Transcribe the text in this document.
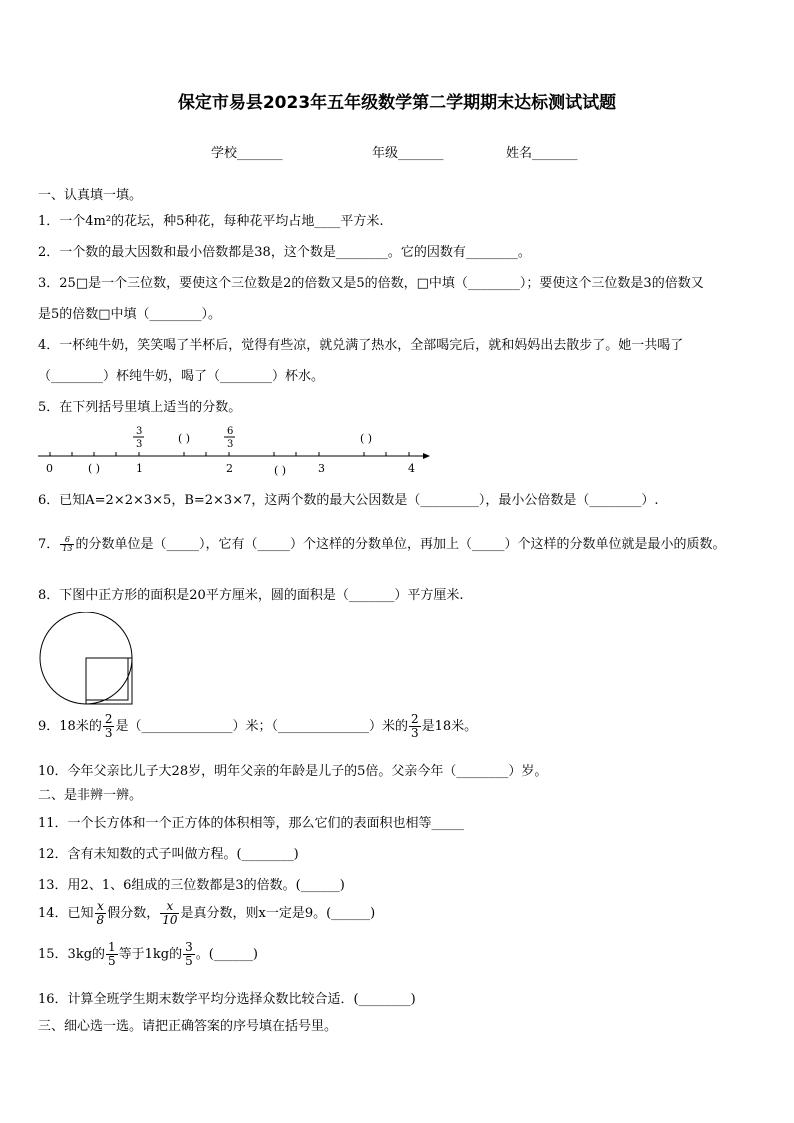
保定市易县2023年五年级数学第二学期期末达标测试试题
学校_______	年级_______	姓名_______
一、认真填一填。
1．一个4m²的花坛，种5种花，每种花平均占地____平方米.
2．一个数的最大因数和最小倍数都是38，这个数是________。它的因数有________。
3．25□是一个三位数，要使这个三位数是2的倍数又是5的倍数，□中填（________）；要使这个三位数是3的倍数又
是5的倍数□中填（________）。
4．一杯纯牛奶，笑笑喝了半杯后，觉得有些凉，就兑满了热水，全部喝完后，就和妈妈出去散步了。她一共喝了
（________）杯纯牛奶，喝了（________）杯水。
5．在下列括号里填上适当的分数。
0	1	2	3	4
3
3
6
3
( )	( )
( )	( )
6．已知A=2×2×3×5，B=2×3×7，这两个数的最大公因数是（_________），最小公倍数是（________）.
7． $\frac{6}{13}$ 的分数单位是（_____），它有（_____）个这样的分数单位，再加上（_____）个这样的分数单位就是最小的质数。
8．下图中正方形的面积是20平方厘米，圆的面积是（_______）平方厘米.
9．18米的 $\frac{2}{3}$ 是（______________）米；（______________）米的 $\frac{2}{3}$ 是18米。
10．今年父亲比儿子大28岁，明年父亲的年龄是儿子的5倍。父亲今年（________）岁。
二、是非辨一辨。
11．一个长方体和一个正方体的体积相等，那么它们的表面积也相等_____
12．含有未知数的式子叫做方程。(________)
13．用2、1、6组成的三位数都是3的倍数。(______)
14．已知 $\frac{x}{8}$ 假分数， $\frac{x}{10}$ 是真分数，则x一定是9。(______)
15．3kg的 $\frac{1}{5}$ 等于1kg的 $\frac{3}{5}$ 。(______)
16．计算全班学生期末数学平均分选择众数比较合适．(________)
三、细心选一选。请把正确答案的序号填在括号里。
